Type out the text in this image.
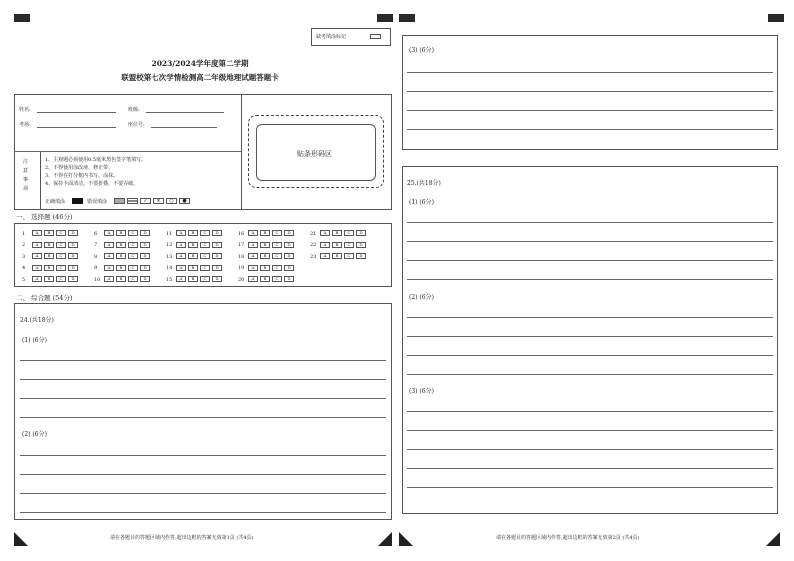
缺考填涂标记
2023/2024学年度第二学期
联盟校第七次学情检测高二年级地理试题答题卡
姓名:	班级:
考场:	座位号:
贴条形码区
注意事项
1、主观题必须使用0.5毫米黑色签字笔填写。
2、不得使用涂改液、修正带。
3、不得在打分框内书写、涂抹。
4、保持卡面清洁，不要折叠，不要弄破。
正确填涂	错误填涂	✓	✕	○	●
一、 选择题 (46分)
1	A B C D
2	A B C D
3	A B C D
4	A B C D
5	A B C D
6	A B C D
7	A B C D
8	A B C D
9	A B C D
10 A B C D
11 A B C D
12 A B C D
13 A B C D
14 A B C D
15 A B C D
16 A B C D
17 A B C D
18 A B C D
19 A B C D
20 A B C D
21 A B C D
22 A B C D
23 A B C D
二、 综合题 (54分)
24.(共18分)
(1) (6分)
(2) (6分)
请在各题目的答题区域内作答,超出边框的答案无效第1页 (共4页)
(3) (6分)
25.(共18分)
(1) (6分)
(2) (6分)
(3) (6分)
请在各题目的答题区域内作答,超出边框的答案无效第2页 (共4页)
